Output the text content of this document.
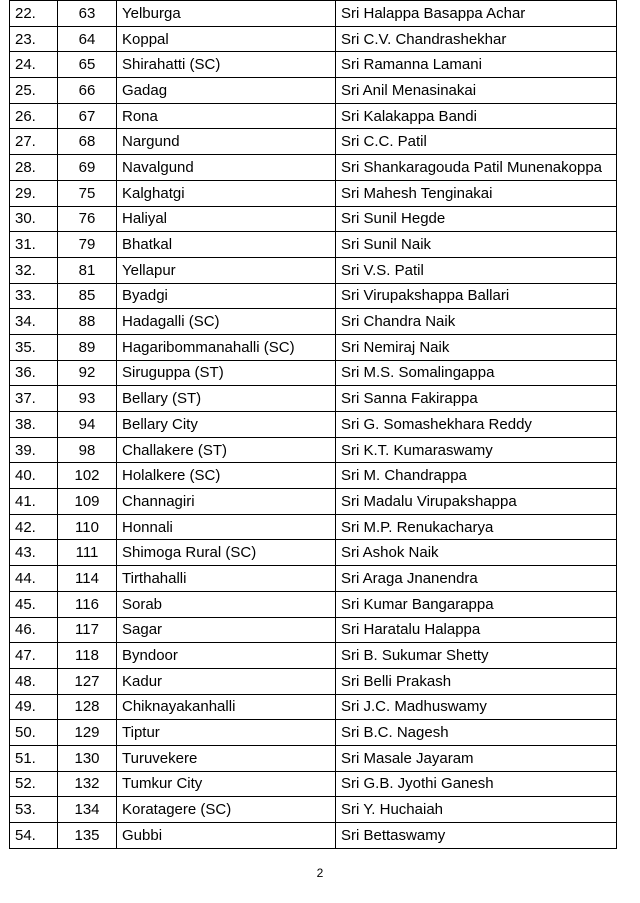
22.	63	Yelburga	Sri Halappa Basappa Achar
23.	64	Koppal	Sri C.V. Chandrashekhar
24.	65	Shirahatti (SC)	Sri Ramanna Lamani
25.	66	Gadag	Sri Anil Menasinakai
26.	67	Rona	Sri Kalakappa Bandi
27.	68	Nargund	Sri C.C. Patil
28.	69	Navalgund	Sri Shankaragouda Patil Munenakoppa
29.	75	Kalghatgi	Sri Mahesh Tenginakai
30.	76	Haliyal	Sri Sunil Hegde
31.	79	Bhatkal	Sri Sunil Naik
32.	81	Yellapur	Sri V.S. Patil
33.	85	Byadgi	Sri Virupakshappa Ballari
34.	88	Hadagalli (SC)	Sri Chandra Naik
35.	89	Hagaribommanahalli (SC)	Sri Nemiraj Naik
36.	92	Siruguppa (ST)	Sri M.S. Somalingappa
37.	93	Bellary (ST)	Sri Sanna Fakirappa
38.	94	Bellary City	Sri G. Somashekhara Reddy
39.	98	Challakere (ST)	Sri K.T. Kumaraswamy
40.	102	Holalkere (SC)	Sri M. Chandrappa
41.	109	Channagiri	Sri Madalu Virupakshappa
42.	110	Honnali	Sri M.P. Renukacharya
43.	111	Shimoga Rural (SC)	Sri Ashok Naik
44.	114	Tirthahalli	Sri Araga Jnanendra
45.	116	Sorab	Sri Kumar Bangarappa
46.	117	Sagar	Sri Haratalu Halappa
47.	118	Byndoor	Sri B. Sukumar Shetty
48.	127	Kadur	Sri Belli Prakash
49.	128	Chiknayakanhalli	Sri J.C. Madhuswamy
50.	129	Tiptur	Sri B.C. Nagesh
51.	130	Turuvekere	Sri Masale Jayaram
52.	132	Tumkur City	Sri G.B. Jyothi Ganesh
53.	134	Koratagere (SC)	Sri Y. Huchaiah
54.	135	Gubbi	Sri Bettaswamy
2
